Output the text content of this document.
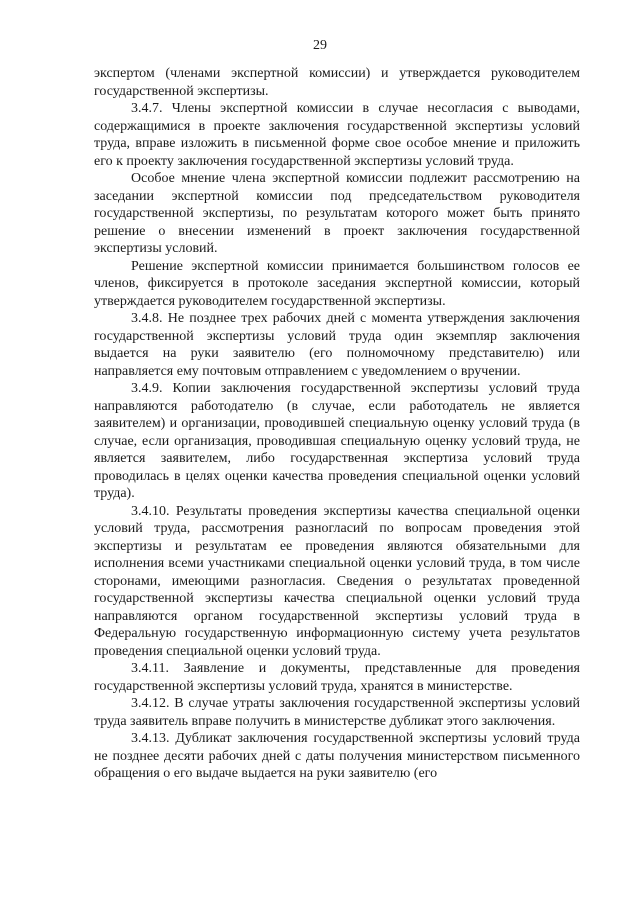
29

экспертом (членами экспертной комиссии) и утверждается руководителем государственной экспертизы.

3.4.7. Члены экспертной комиссии в случае несогласия с выводами, содержащимися в проекте заключения государственной экспертизы условий труда, вправе изложить в письменной форме свое особое мнение и приложить его к проекту заключения государственной экспертизы условий труда.

Особое мнение члена экспертной комиссии подлежит рассмотрению на заседании экспертной комиссии под председательством руководителя государственной экспертизы, по результатам которого может быть принято решение о внесении изменений в проект заключения государственной экспертизы условий.

Решение экспертной комиссии принимается большинством голосов ее членов, фиксируется в протоколе заседания экспертной комиссии, который утверждается руководителем государственной экспертизы.

3.4.8. Не позднее трех рабочих дней с момента утверждения заключения государственной экспертизы условий труда один экземпляр заключения выдается на руки заявителю (его полномочному представителю) или направляется ему почтовым отправлением с уведомлением о вручении.

3.4.9. Копии заключения государственной экспертизы условий труда направляются работодателю (в случае, если работодатель не является заявителем) и организации, проводившей специальную оценку условий труда (в случае, если организация, проводившая специальную оценку условий труда, не является заявителем, либо государственная экспертиза условий труда проводилась в целях оценки качества проведения специальной оценки условий труда).

3.4.10. Результаты проведения экспертизы качества специальной оценки условий труда, рассмотрения разногласий по вопросам проведения этой экспертизы и результатам ее проведения являются обязательными для исполнения всеми участниками специальной оценки условий труда, в том числе сторонами, имеющими разногласия. Сведения о результатах проведенной государственной экспертизы качества специальной оценки условий труда направляются органом государственной экспертизы условий труда в Федеральную государственную информационную систему учета результатов проведения специальной оценки условий труда.

3.4.11. Заявление и документы, представленные для проведения государственной экспертизы условий труда, хранятся в министерстве.

3.4.12. В случае утраты заключения государственной экспертизы условий труда заявитель вправе получить в министерстве дубликат этого заключения.

3.4.13. Дубликат заключения государственной экспертизы условий труда не позднее десяти рабочих дней с даты получения министерством письменного обращения о его выдаче выдается на руки заявителю (его
